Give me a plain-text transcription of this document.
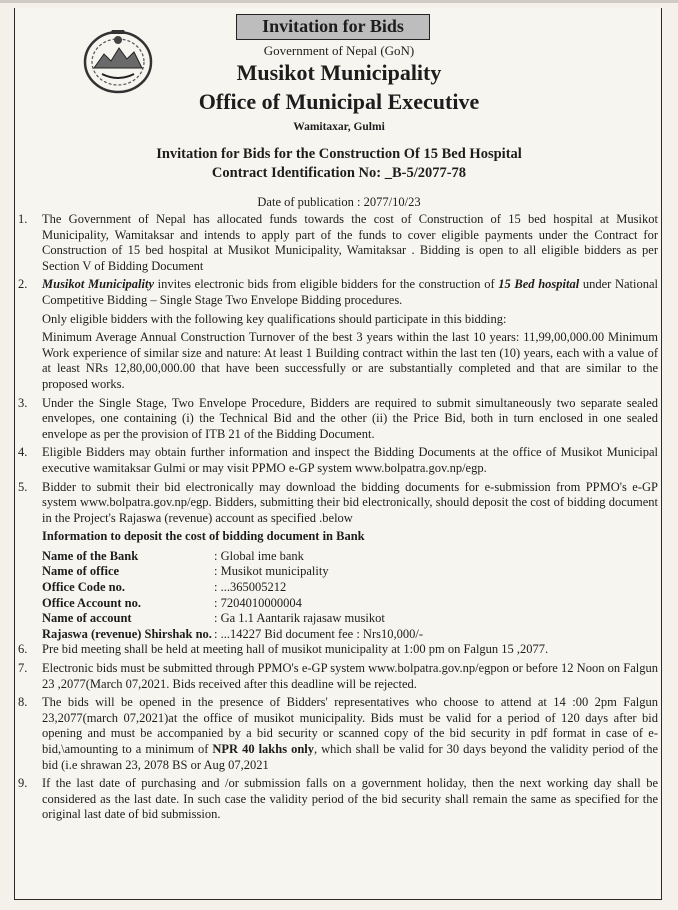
Invitation for Bids
Government of Nepal (GoN)
Musikot Municipality
Office of Municipal Executive
Wamitaxar, Gulmi
Invitation for Bids for the Construction Of 15 Bed Hospital
Contract Identification No: _B-5/2077-78
Date of publication : 2077/10/23
1. The Government of Nepal has allocated funds towards the cost of Construction of 15 bed hospital at Musikot Municipality, Wamitaksar and intends to apply part of the funds to cover eligible payments under the Contract for Construction of 15 bed hospital at Musikot Municipality, Wamitaksar . Bidding is open to all eligible bidders as per Section V of Bidding Document
2. Musikot Municipality invites electronic bids from eligible bidders for the construction of 15 Bed hospital under National Competitive Bidding – Single Stage Two Envelope Bidding procedures.
Only eligible bidders with the following key qualifications should participate in this bidding:
Minimum Average Annual Construction Turnover of the best 3 years within the last 10 years: 11,99,00,000.00 Minimum Work experience of similar size and nature: At least 1 Building contract within the last ten (10) years, each with a value of at least NRs 12,80,00,000.00 that have been successfully or are substantially completed and that are similar to the proposed works.
3. Under the Single Stage, Two Envelope Procedure, Bidders are required to submit simultaneously two separate sealed envelopes, one containing (i) the Technical Bid and the other (ii) the Price Bid, both in turn enclosed in one sealed envelope as per the provision of ITB 21 of the Bidding Document.
4. Eligible Bidders may obtain further information and inspect the Bidding Documents at the office of Musikot Municipal executive wamitaksar Gulmi or may visit PPMO e-GP system www.bolpatra.gov.np/egp.
5. Bidder to submit their bid electronically may download the bidding documents for e-submission from PPMO's e-GP system www.bolpatra.gov.np/egp. Bidders, submitting their bid electronically, should deposit the cost of bidding document in the Project's Rajaswa (revenue) account as specified .below
Information to deposit the cost of bidding document in Bank
Name of the Bank	: Global ime bank
Name of office	: Musikot municipality
Office Code no.	: ...365005212
Office Account no.	: 7204010000004
Name of account	: Ga 1.1 Aantarik rajasaw musikot
Rajaswa (revenue) Shirshak no. : ...14227 Bid document fee : Nrs10,000/-
6. Pre bid meeting shall be held at meeting hall of musikot municipality at 1:00 pm on Falgun 15 ,2077.
7. Electronic bids must be submitted through PPMO's e-GP system www.bolpatra.gov.np/egpon or before 12 Noon on Falgun 23 ,2077(March 07,2021. Bids received after this deadline will be rejected.
8. The bids will be opened in the presence of Bidders' representatives who choose to attend at 14 :00 2pm Falgun 23,2077(march 07,2021)at the office of musikot municipality. Bids must be valid for a period of 120 days after bid opening and must be accompanied by a bid security or scanned copy of the bid security in pdf format in case of e-bid,\amounting to a minimum of NPR 40 lakhs only, which shall be valid for 30 days beyond the validity period of the bid (i.e shrawan 23, 2078 BS or Aug 07,2021
9. If the last date of purchasing and /or submission falls on a government holiday, then the next working day shall be considered as the last date. In such case the validity period of the bid security shall remain the same as specified for the original last date of bid submission.
